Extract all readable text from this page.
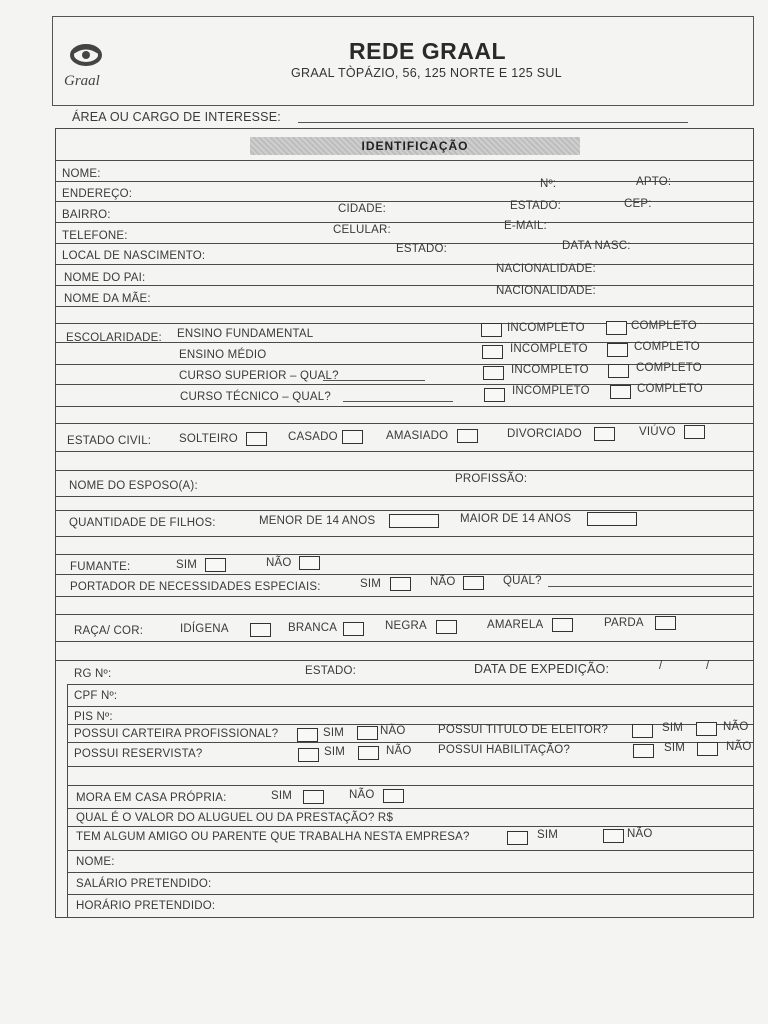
Graal
REDE GRAAL
GRAAL TÒPÁZIO, 56, 125 NORTE E 125 SUL
ÁREA OU CARGO DE INTERESSE:
IDENTIFICAÇÃO
NOME:
ENDEREÇO:
Nº:	APTO:
BAIRRO:	CIDADE:	ESTADO:	CEP:
TELEFONE:	CELULAR:	E-MAIL:
LOCAL DE NASCIMENTO:
ESTADO:	DATA NASC:
NOME DO PAI:
NACIONALIDADE:
NOME DA MÃE:
NACIONALIDADE:
ESCOLARIDADE: ENSINO FUNDAMENTAL	INCOMPLETO	COMPLETO
ENSINO MÉDIO	INCOMPLETO	COMPLETO
CURSO SUPERIOR – QUAL?	INCOMPLETO	COMPLETO
CURSO TÉCNICO – QUAL?	INCOMPLETO	COMPLETO
ESTADO CIVIL: SOLTEIRO	CASADO	AMASIADO	DIVORCIADO	VIÚVO
NOME DO ESPOSO(A):
PROFISSÃO:
QUANTIDADE DE FILHOS:	MENOR DE 14 ANOS	MAIOR DE 14 ANOS
FUMANTE:	SIM	NÃO
PORTADOR DE NECESSIDADES ESPECIAIS:	SIM	NÃO	QUAL?
RAÇA/ COR:	IDÍGENA	BRANCA	NEGRA	AMARELA	PARDA
RG Nº:	ESTADO:	DATA DE EXPEDIÇÃO:	/	/
CPF Nº:
PIS Nº:
POSSUI CARTEIRA PROFISSIONAL?	SIM	NÃO	POSSUI TITULO DE ELEITOR?	SIM	NÃO
POSSUI RESERVISTA?	SIM	NÃO POSSUI HABILITAÇÃO?	SIM	NÃO
MORA EM CASA PRÓPRIA:	SIM	NÃO
QUAL É O VALOR DO ALUGUEL OU DA PRESTAÇÃO? R$
TEM ALGUM AMIGO OU PARENTE QUE TRABALHA NESTA EMPRESA?	SIM	NÃO
NOME:
SALÁRIO PRETENDIDO:
HORÁRIO PRETENDIDO:
